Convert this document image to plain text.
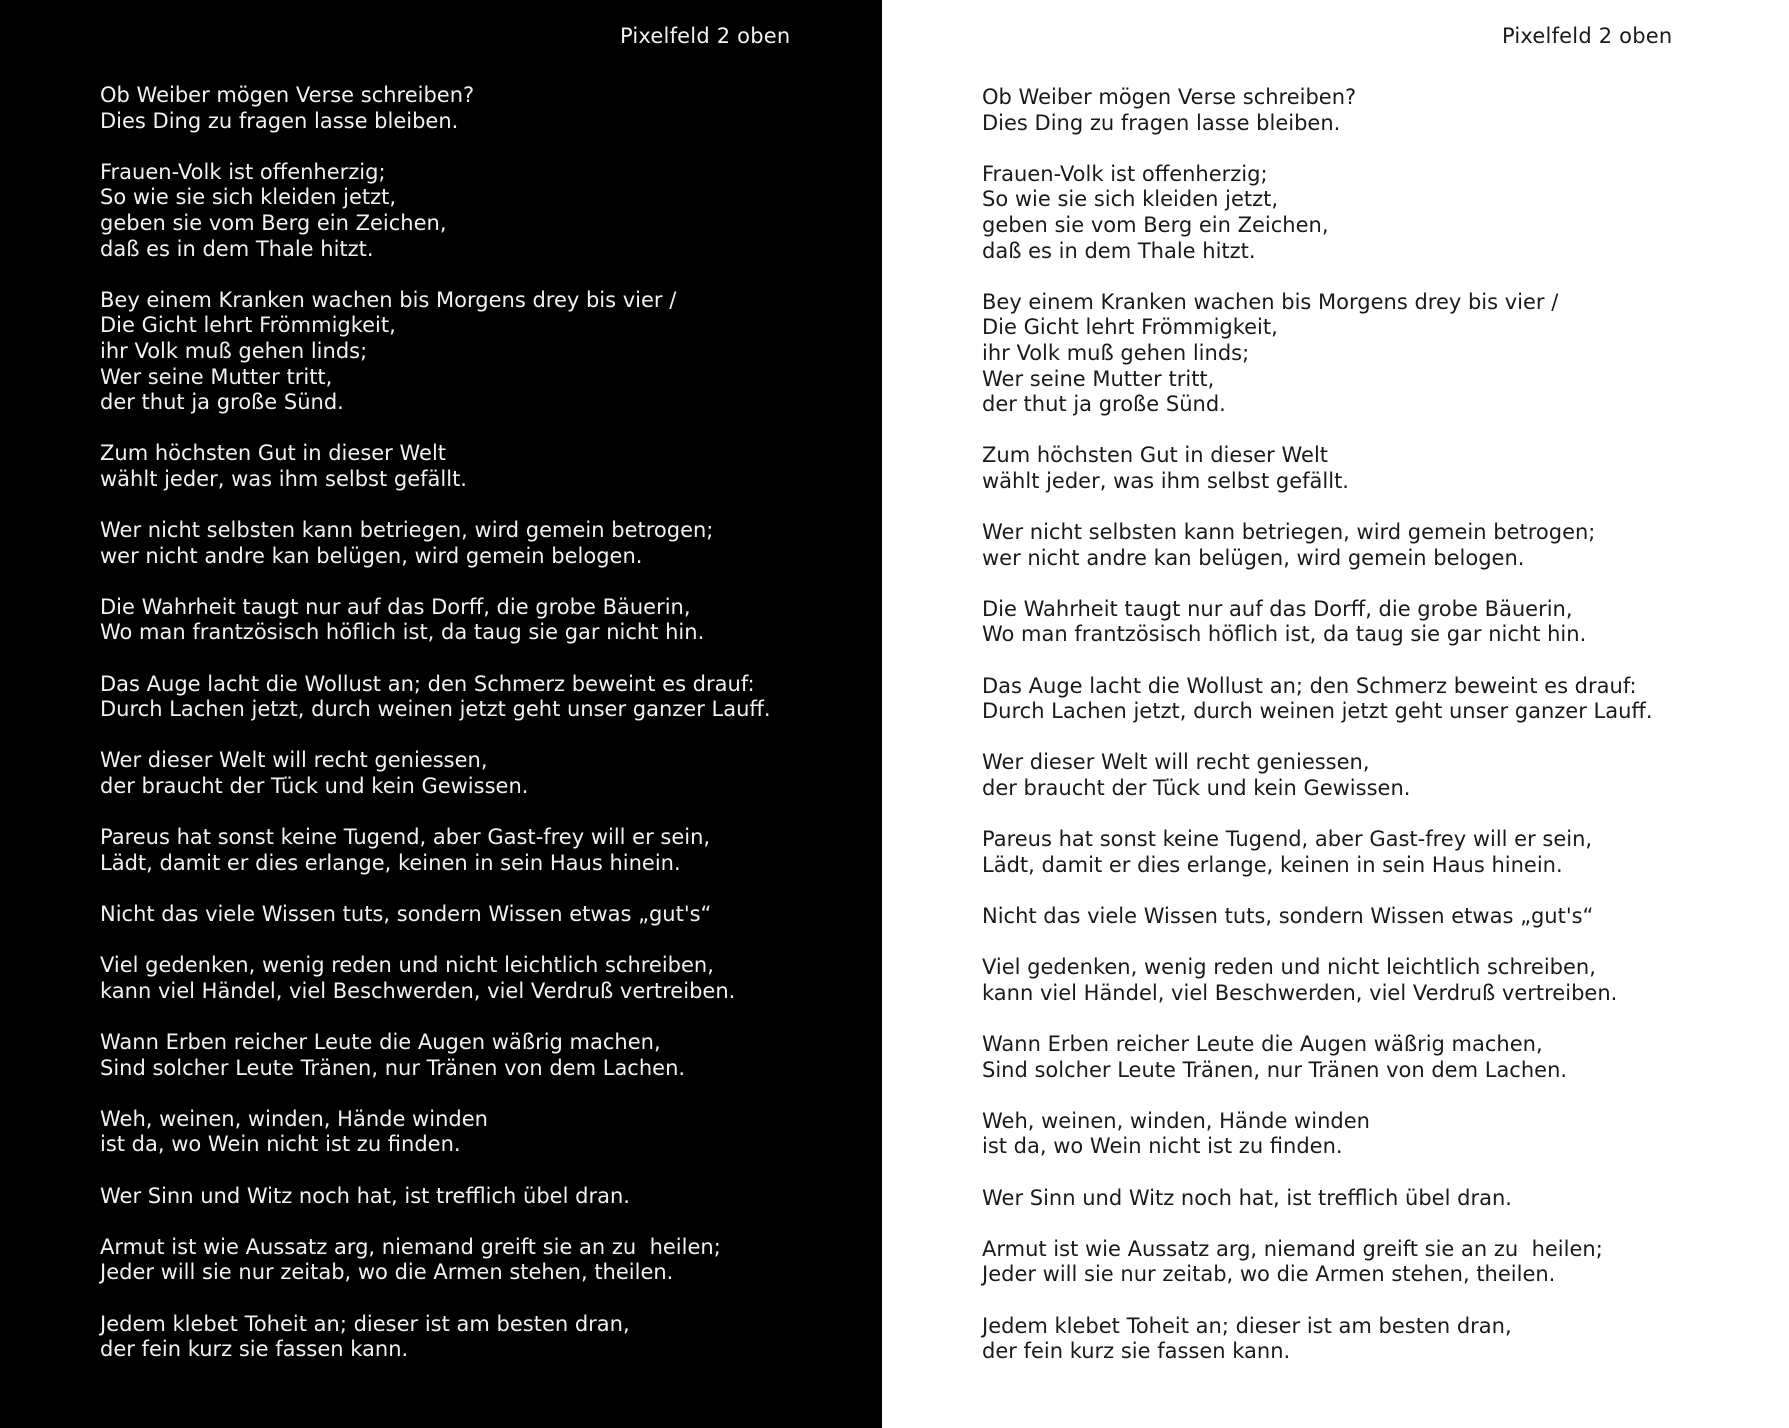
Pixelfeld 2 oben
Ob Weiber mögen Verse schreiben?
Dies Ding zu fragen lasse bleiben.
Frauen-Volk ist offenherzig;
So wie sie sich kleiden jetzt,
geben sie vom Berg ein Zeichen,
daß es in dem Thale hitzt.
Bey einem Kranken wachen bis Morgens drey bis vier /
Die Gicht lehrt Frömmigkeit,
ihr Volk muß gehen linds;
Wer seine Mutter tritt,
der thut ja große Sünd.
Zum höchsten Gut in dieser Welt
wählt jeder, was ihm selbst gefällt.
Wer nicht selbsten kann betriegen, wird gemein betrogen;
wer nicht andre kan belügen, wird gemein belogen.
Die Wahrheit taugt nur auf das Dorff, die grobe Bäuerin,
Wo man frantzösisch höflich ist, da taug sie gar nicht hin.
Das Auge lacht die Wollust an; den Schmerz beweint es drauf:
Durch Lachen jetzt, durch weinen jetzt geht unser ganzer Lauff.
Wer dieser Welt will recht geniessen,
der braucht der Tück und kein Gewissen.
Pareus hat sonst keine Tugend, aber Gast-frey will er sein,
Lädt, damit er dies erlange, keinen in sein Haus hinein.
Nicht das viele Wissen tuts, sondern Wissen etwas „gut's“
Viel gedenken, wenig reden und nicht leichtlich schreiben,
kann viel Händel, viel Beschwerden, viel Verdruß vertreiben.
Wann Erben reicher Leute die Augen wäßrig machen,
Sind solcher Leute Tränen, nur Tränen von dem Lachen.
Weh, weinen, winden, Hände winden
ist da, wo Wein nicht ist zu finden.
Wer Sinn und Witz noch hat, ist trefflich übel dran.
Armut ist wie Aussatz arg, niemand greift sie an zu  heilen;
Jeder will sie nur zeitab, wo die Armen stehen, theilen.
Jedem klebet Toheit an; dieser ist am besten dran,
der fein kurz sie fassen kann.
Pixelfeld 2 oben
Ob Weiber mögen Verse schreiben?
Dies Ding zu fragen lasse bleiben.
Frauen-Volk ist offenherzig;
So wie sie sich kleiden jetzt,
geben sie vom Berg ein Zeichen,
daß es in dem Thale hitzt.
Bey einem Kranken wachen bis Morgens drey bis vier /
Die Gicht lehrt Frömmigkeit,
ihr Volk muß gehen linds;
Wer seine Mutter tritt,
der thut ja große Sünd.
Zum höchsten Gut in dieser Welt
wählt jeder, was ihm selbst gefällt.
Wer nicht selbsten kann betriegen, wird gemein betrogen;
wer nicht andre kan belügen, wird gemein belogen.
Die Wahrheit taugt nur auf das Dorff, die grobe Bäuerin,
Wo man frantzösisch höflich ist, da taug sie gar nicht hin.
Das Auge lacht die Wollust an; den Schmerz beweint es drauf:
Durch Lachen jetzt, durch weinen jetzt geht unser ganzer Lauff.
Wer dieser Welt will recht geniessen,
der braucht der Tück und kein Gewissen.
Pareus hat sonst keine Tugend, aber Gast-frey will er sein,
Lädt, damit er dies erlange, keinen in sein Haus hinein.
Nicht das viele Wissen tuts, sondern Wissen etwas „gut's“
Viel gedenken, wenig reden und nicht leichtlich schreiben,
kann viel Händel, viel Beschwerden, viel Verdruß vertreiben.
Wann Erben reicher Leute die Augen wäßrig machen,
Sind solcher Leute Tränen, nur Tränen von dem Lachen.
Weh, weinen, winden, Hände winden
ist da, wo Wein nicht ist zu finden.
Wer Sinn und Witz noch hat, ist trefflich übel dran.
Armut ist wie Aussatz arg, niemand greift sie an zu  heilen;
Jeder will sie nur zeitab, wo die Armen stehen, theilen.
Jedem klebet Toheit an; dieser ist am besten dran,
der fein kurz sie fassen kann.
